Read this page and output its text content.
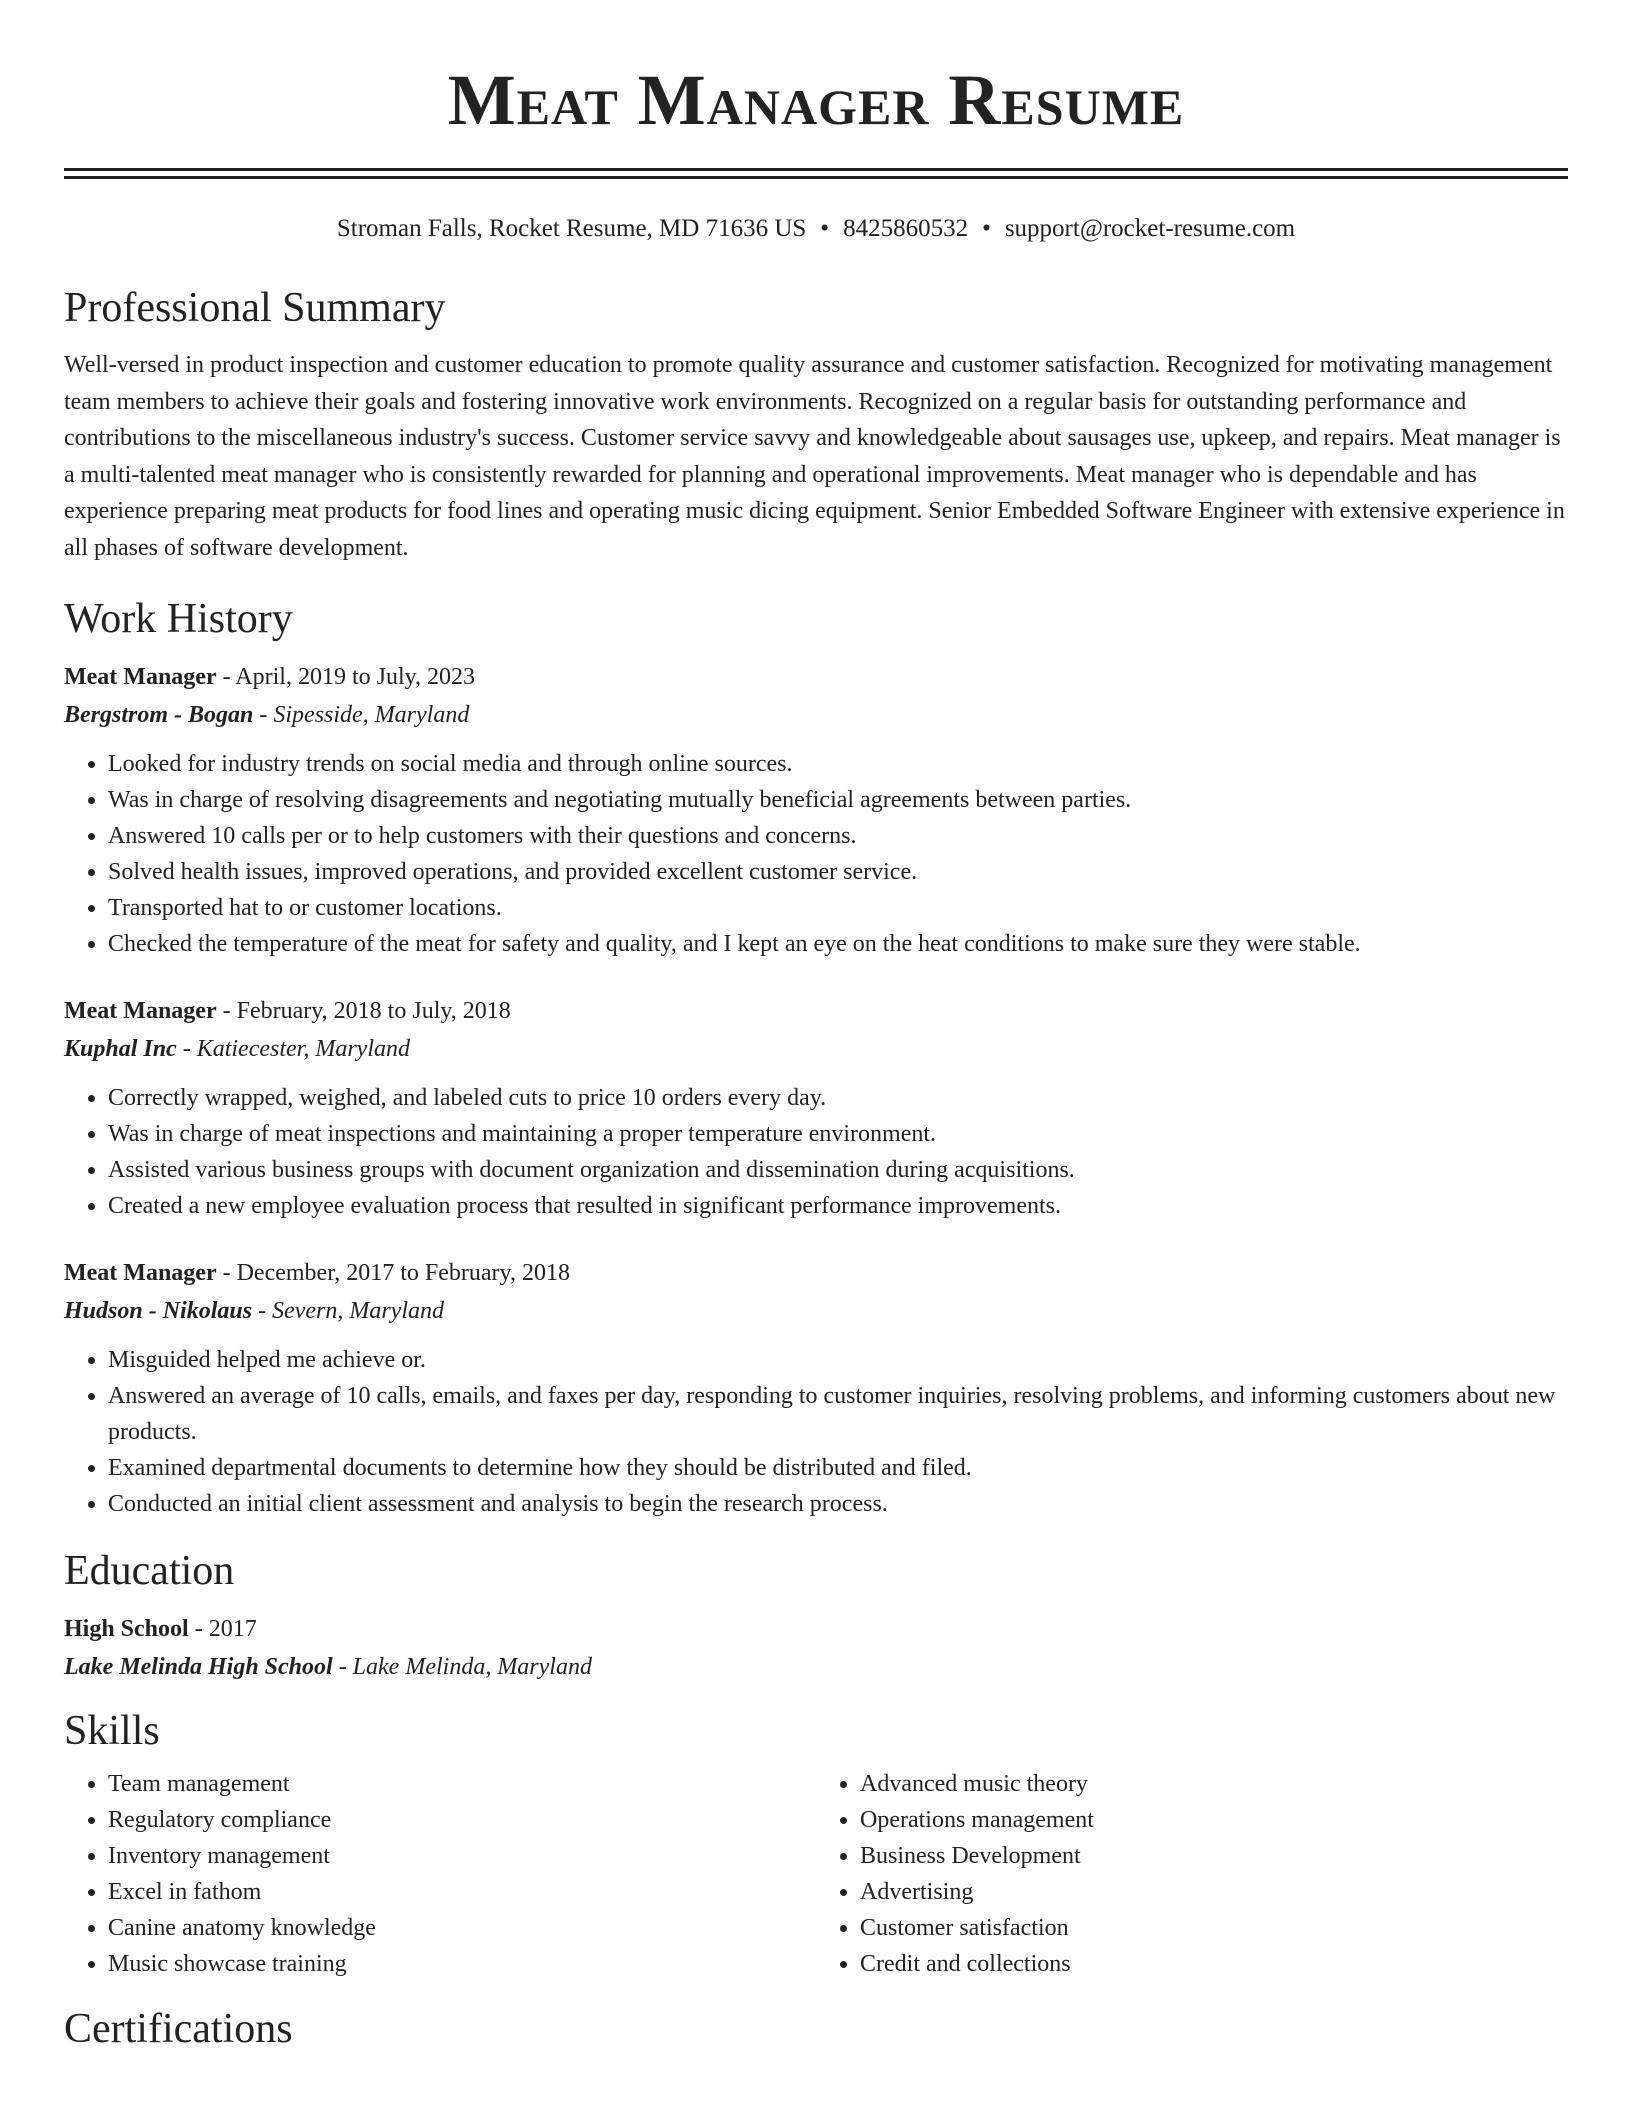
Meat Manager Resume
Stroman Falls, Rocket Resume, MD 71636 US • 8425860532 • support@rocket-resume.com
Professional Summary

Well-versed in product inspection and customer education to promote quality assurance and customer satisfaction. Recognized for motivating management team members to achieve their goals and fostering innovative work environments. Recognized on a regular basis for outstanding performance and contributions to the miscellaneous industry's success. Customer service savvy and knowledgeable about sausages use, upkeep, and repairs. Meat manager is a multi-talented meat manager who is consistently rewarded for planning and operational improvements. Meat manager who is dependable and has experience preparing meat products for food lines and operating music dicing equipment. Senior Embedded Software Engineer with extensive experience in all phases of software development.

Work History
Meat Manager - April, 2019 to July, 2023
Bergstrom - Bogan - Sipesside, Maryland
• Looked for industry trends on social media and through online sources.
• Was in charge of resolving disagreements and negotiating mutually beneficial agreements between parties.
• Answered 10 calls per or to help customers with their questions and concerns.
• Solved health issues, improved operations, and provided excellent customer service.
• Transported hat to or customer locations.
• Checked the temperature of the meat for safety and quality, and I kept an eye on the heat conditions to make sure they were stable.
Meat Manager - February, 2018 to July, 2018
Kuphal Inc - Katiecester, Maryland
• Correctly wrapped, weighed, and labeled cuts to price 10 orders every day.
• Was in charge of meat inspections and maintaining a proper temperature environment.
• Assisted various business groups with document organization and dissemination during acquisitions.
• Created a new employee evaluation process that resulted in significant performance improvements.
Meat Manager - December, 2017 to February, 2018
Hudson - Nikolaus - Severn, Maryland
• Misguided helped me achieve or.
• Answered an average of 10 calls, emails, and faxes per day, responding to customer inquiries, resolving problems, and informing customers about new products.
• Examined departmental documents to determine how they should be distributed and filed.
• Conducted an initial client assessment and analysis to begin the research process.
Education
High School - 2017
Lake Melinda High School - Lake Melinda, Maryland
Skills
• Team management
• Regulatory compliance
• Inventory management
• Excel in fathom
• Canine anatomy knowledge
• Music showcase training
• Advanced music theory
• Operations management
• Business Development
• Advertising
• Customer satisfaction
• Credit and collections
Certifications
